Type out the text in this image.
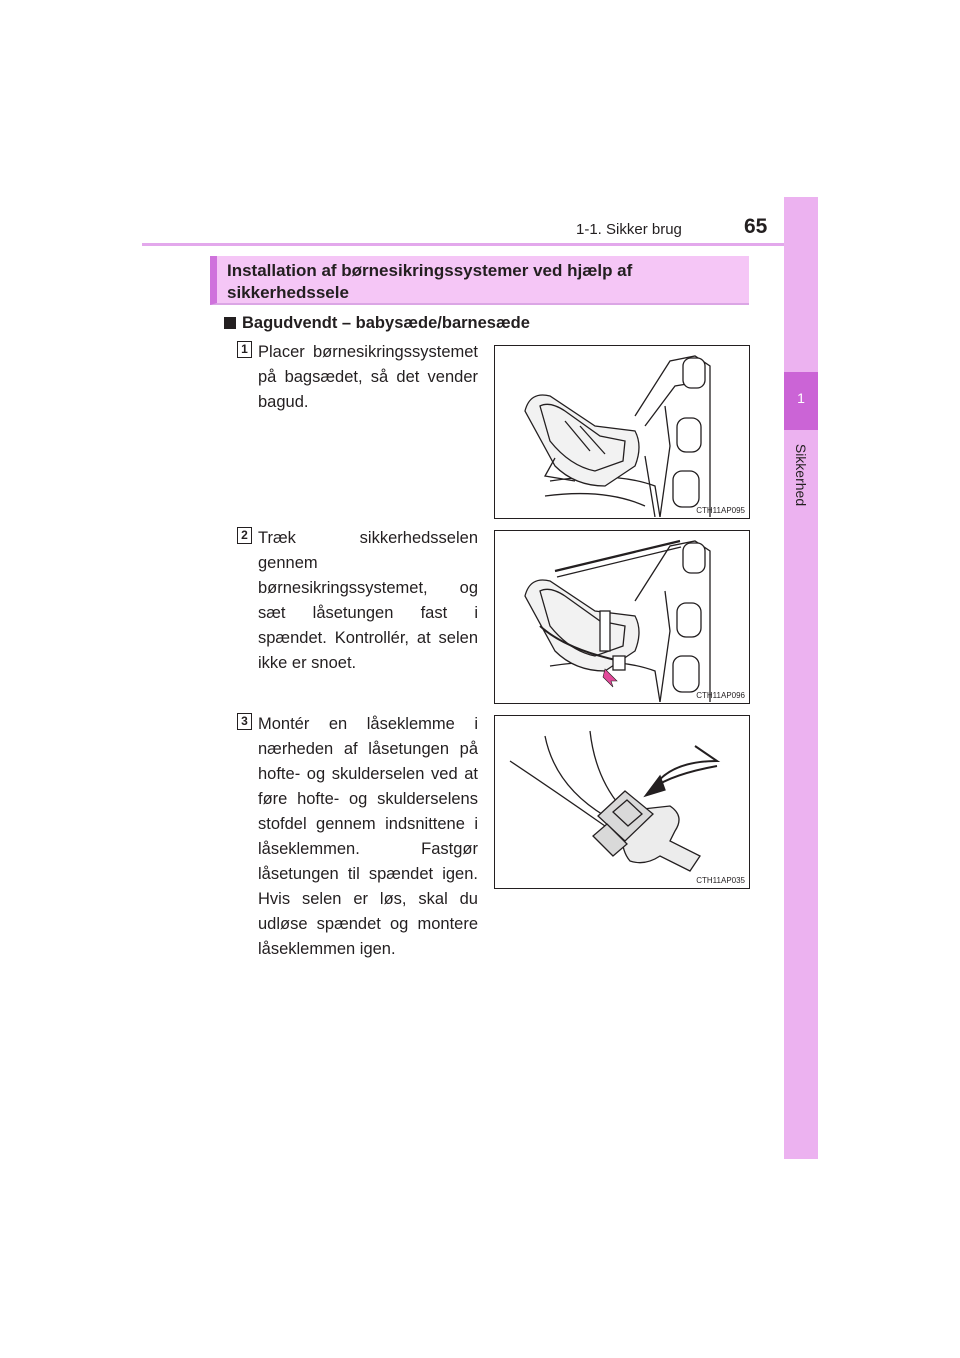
1-1. Sikker brug	65
1
Sikkerhed
Installation af børnesikringssystemer ved hjælp af sikkerhedssele
Bagudvendt – babysæde/barnesæde
1 Placer børnesikringssystemet på bagsædet, så det vender bagud.
CTH11AP095
2 Træk sikkerhedsselen gennem børnesikringssystemet, og sæt låsetungen fast i spændet. Kontrollér, at selen ikke er snoet.
CTH11AP096
3 Montér en låseklemme i nærheden af låsetungen på hofte- og skulderselen ved at føre hofte- og skulderselens stofdel gennem indsnittene i låseklemmen. Fastgør låsetungen til spændet igen. Hvis selen er løs, skal du udløse spændet og montere låseklemmen igen.
CTH11AP035
